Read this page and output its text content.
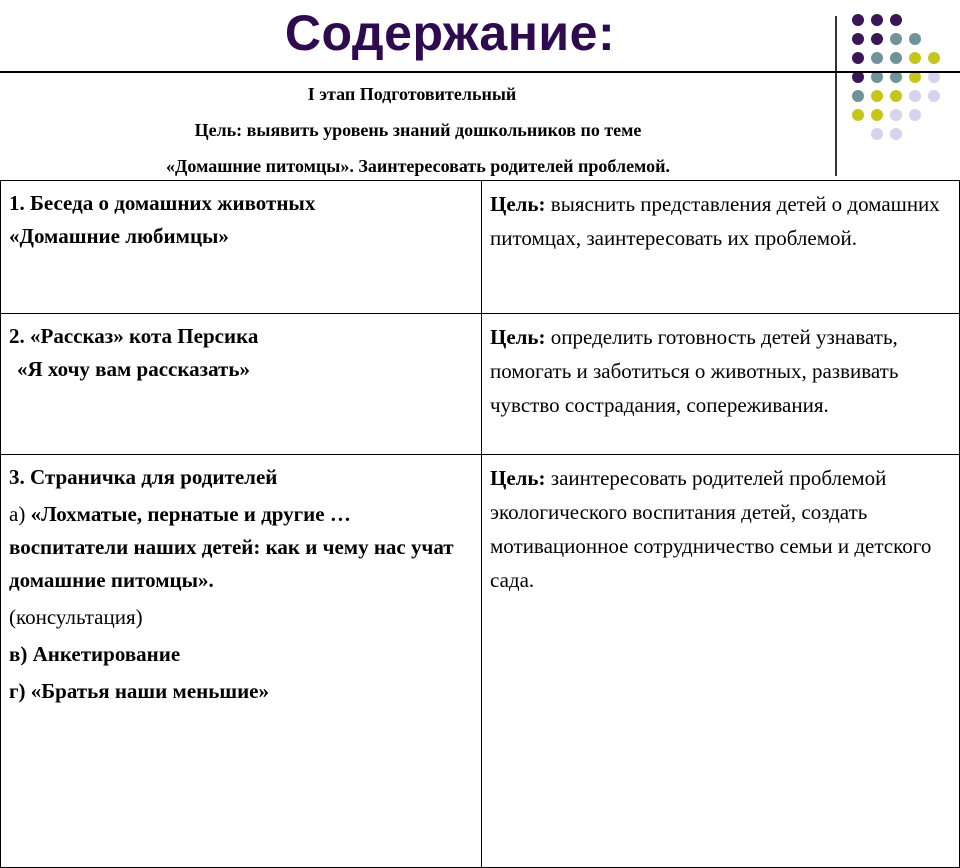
Содержание:
I этап Подготовительный
Цель: выявить уровень знаний дошкольников по теме
«Домашние питомцы». Заинтересовать родителей проблемой.
1. Беседа о домашних животных
«Домашние любимцы»	Цель: выяснить представления детей о домашних питомцах, заинтересовать их проблемой.

2. «Рассказ» кота Персика
«Я хочу вам рассказать»	Цель: определить готовность детей узнавать, помогать и заботиться о животных, развивать чувство сострадания, сопереживания.

3. Страничка для родителей
а) «Лохматые, пернатые и другие … воспитатели наших детей: как и чему нас учат домашние питомцы».
(консультация)
в) Анкетирование
г) «Братья наши меньшие»	Цель: заинтересовать родителей проблемой экологического воспитания детей, создать мотивационное сотрудничество семьи и детского сада.
